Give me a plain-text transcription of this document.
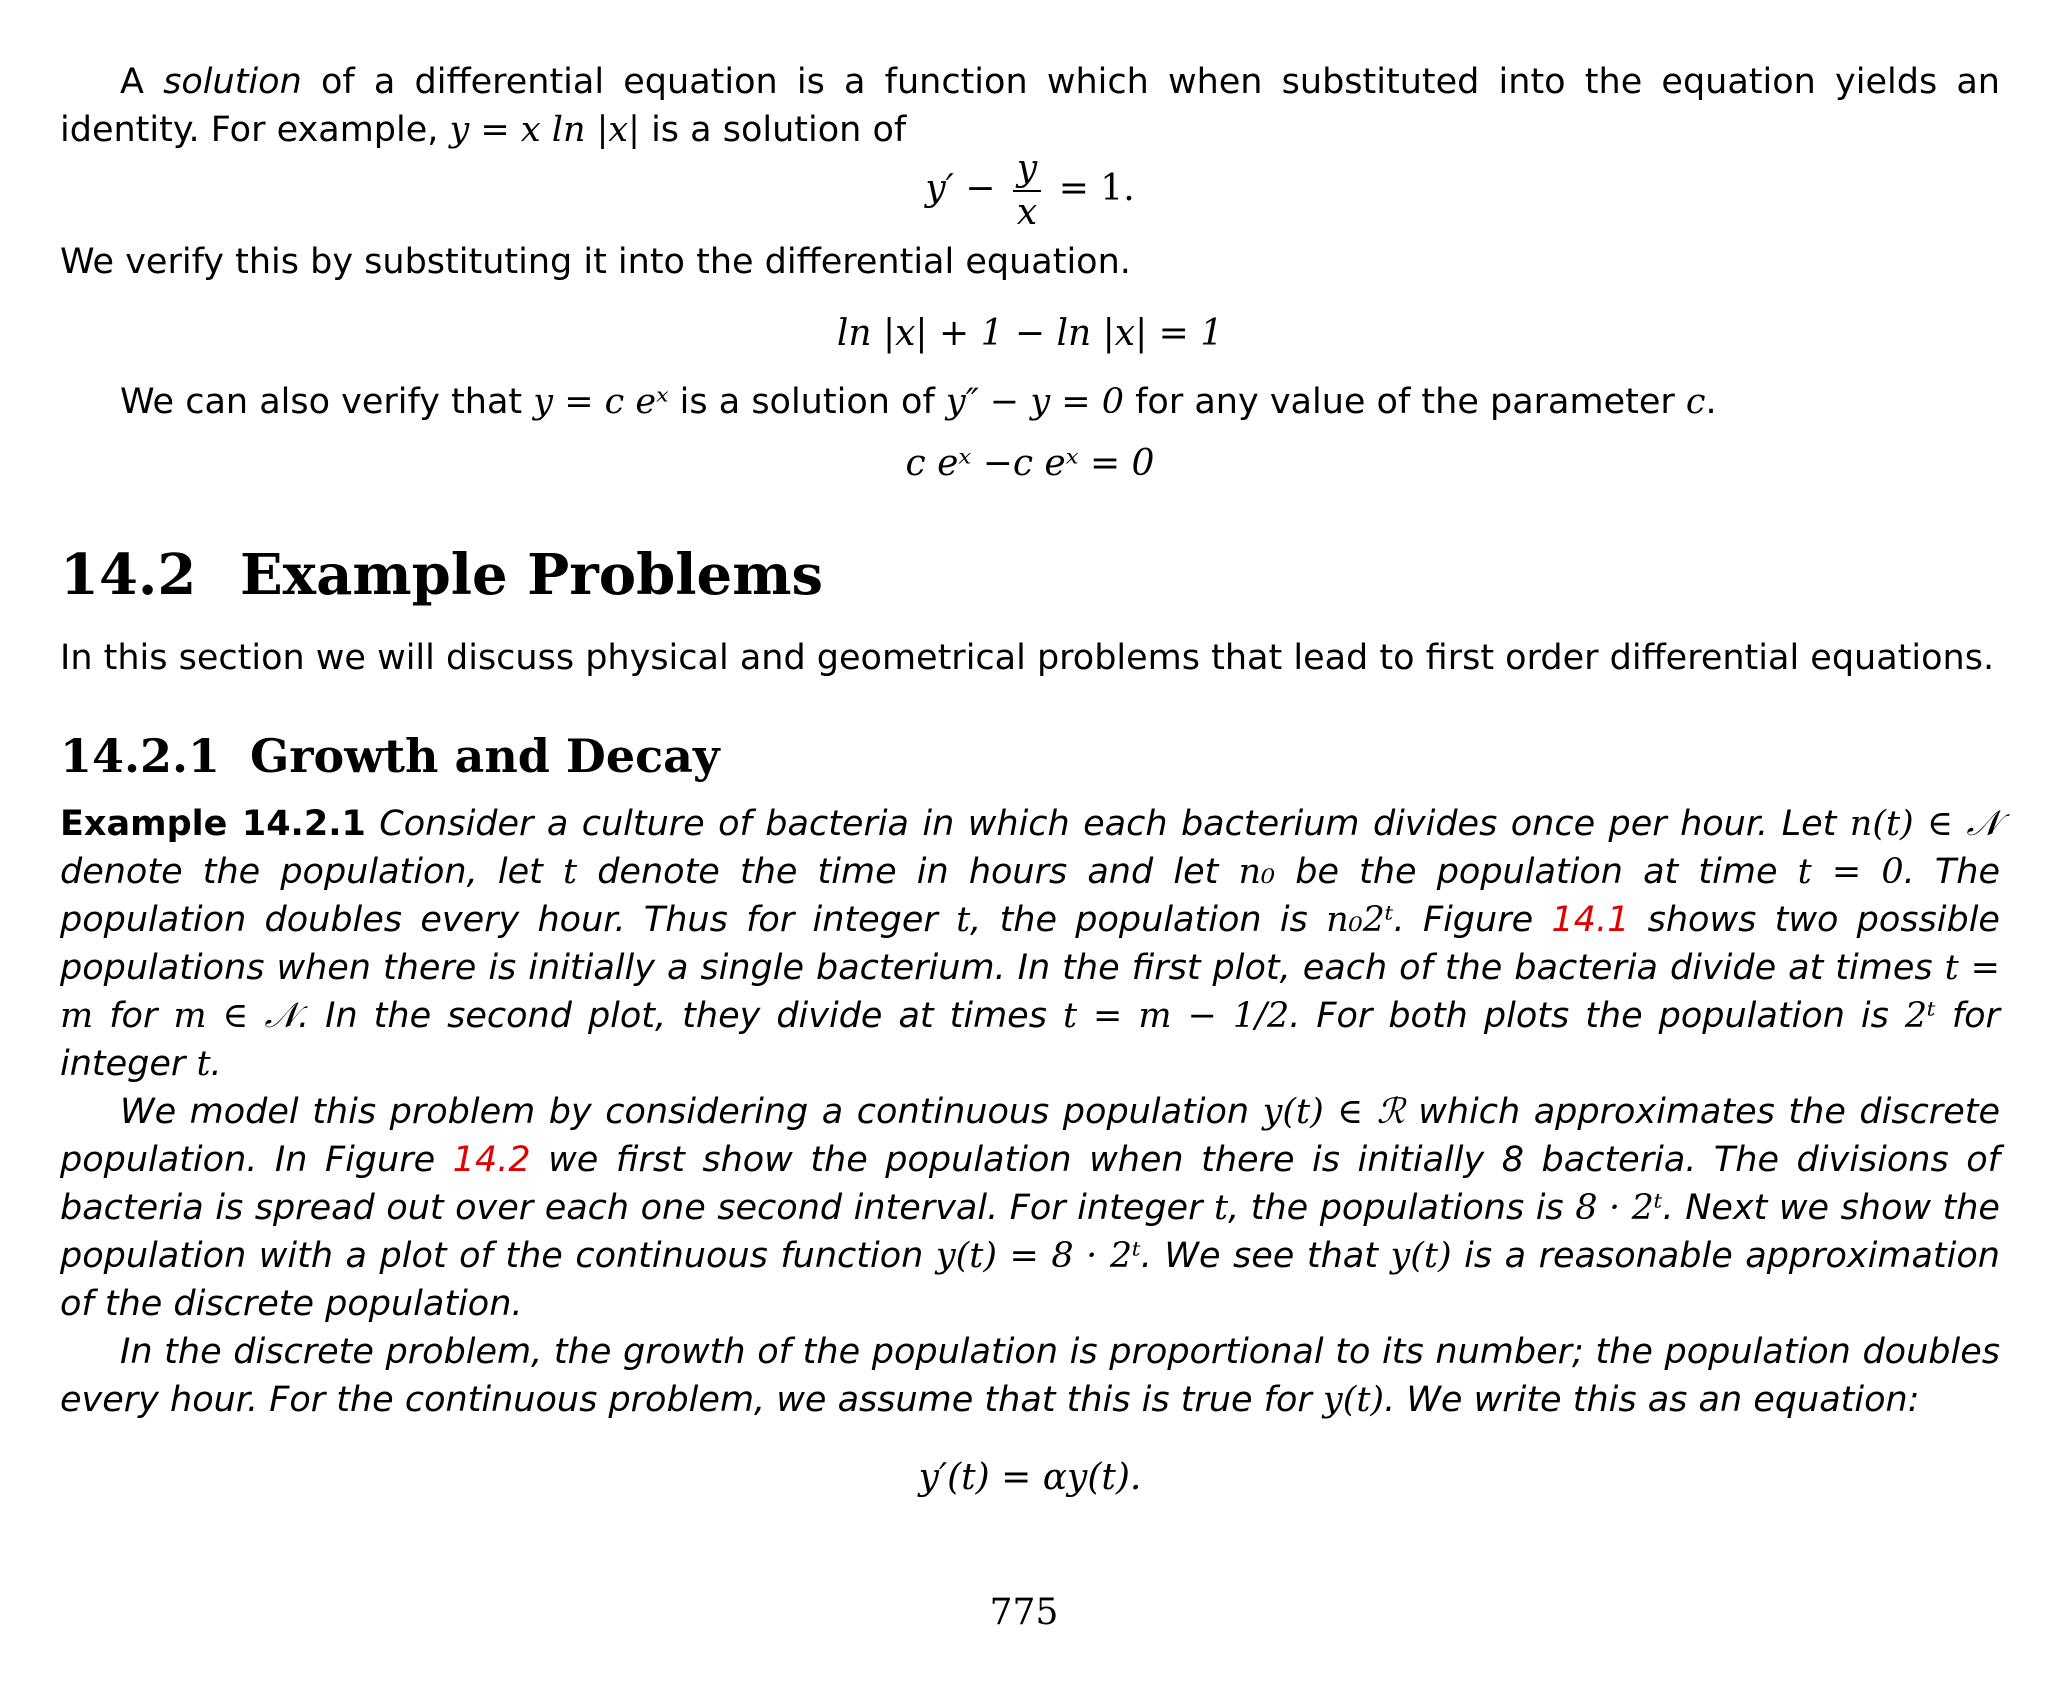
A solution of a differential equation is a function which when substituted into the equation yields an identity. For example, y = x ln |x| is a solution of

$y' - \frac{y}{x} = 1$.

We verify this by substituting it into the differential equation.

ln |x| + 1 − ln |x| = 1

We can also verify that y = c eˣ is a solution of y″ − y = 0 for any value of the parameter c.

c eˣ −c eˣ = 0
14.2 Example Problems

In this section we will discuss physical and geometrical problems that lead to first order differential equations.

14.2.1 Growth and Decay

Example 14.2.1 Consider a culture of bacteria in which each bacterium divides once per hour. Let n(t) ∈ 𝒩 denote the population, let t denote the time in hours and let n₀ be the population at time t = 0. The population doubles every hour. Thus for integer t, the population is n₀2ᵗ. Figure 14.1 shows two possible populations when there is initially a single bacterium. In the first plot, each of the bacteria divide at times t = m for m ∈ 𝒩. In the second plot, they divide at times t = m − 1/2. For both plots the population is 2ᵗ for integer t.

We model this problem by considering a continuous population y(t) ∈ ℛ which approximates the discrete population. In Figure 14.2 we first show the population when there is initially 8 bacteria. The divisions of bacteria is spread out over each one second interval. For integer t, the populations is 8 · 2ᵗ. Next we show the population with a plot of the continuous function y(t) = 8 · 2ᵗ. We see that y(t) is a reasonable approximation of the discrete population.

In the discrete problem, the growth of the population is proportional to its number; the population doubles every hour. For the continuous problem, we assume that this is true for y(t). We write this as an equation:

y′(t) = αy(t).
775
